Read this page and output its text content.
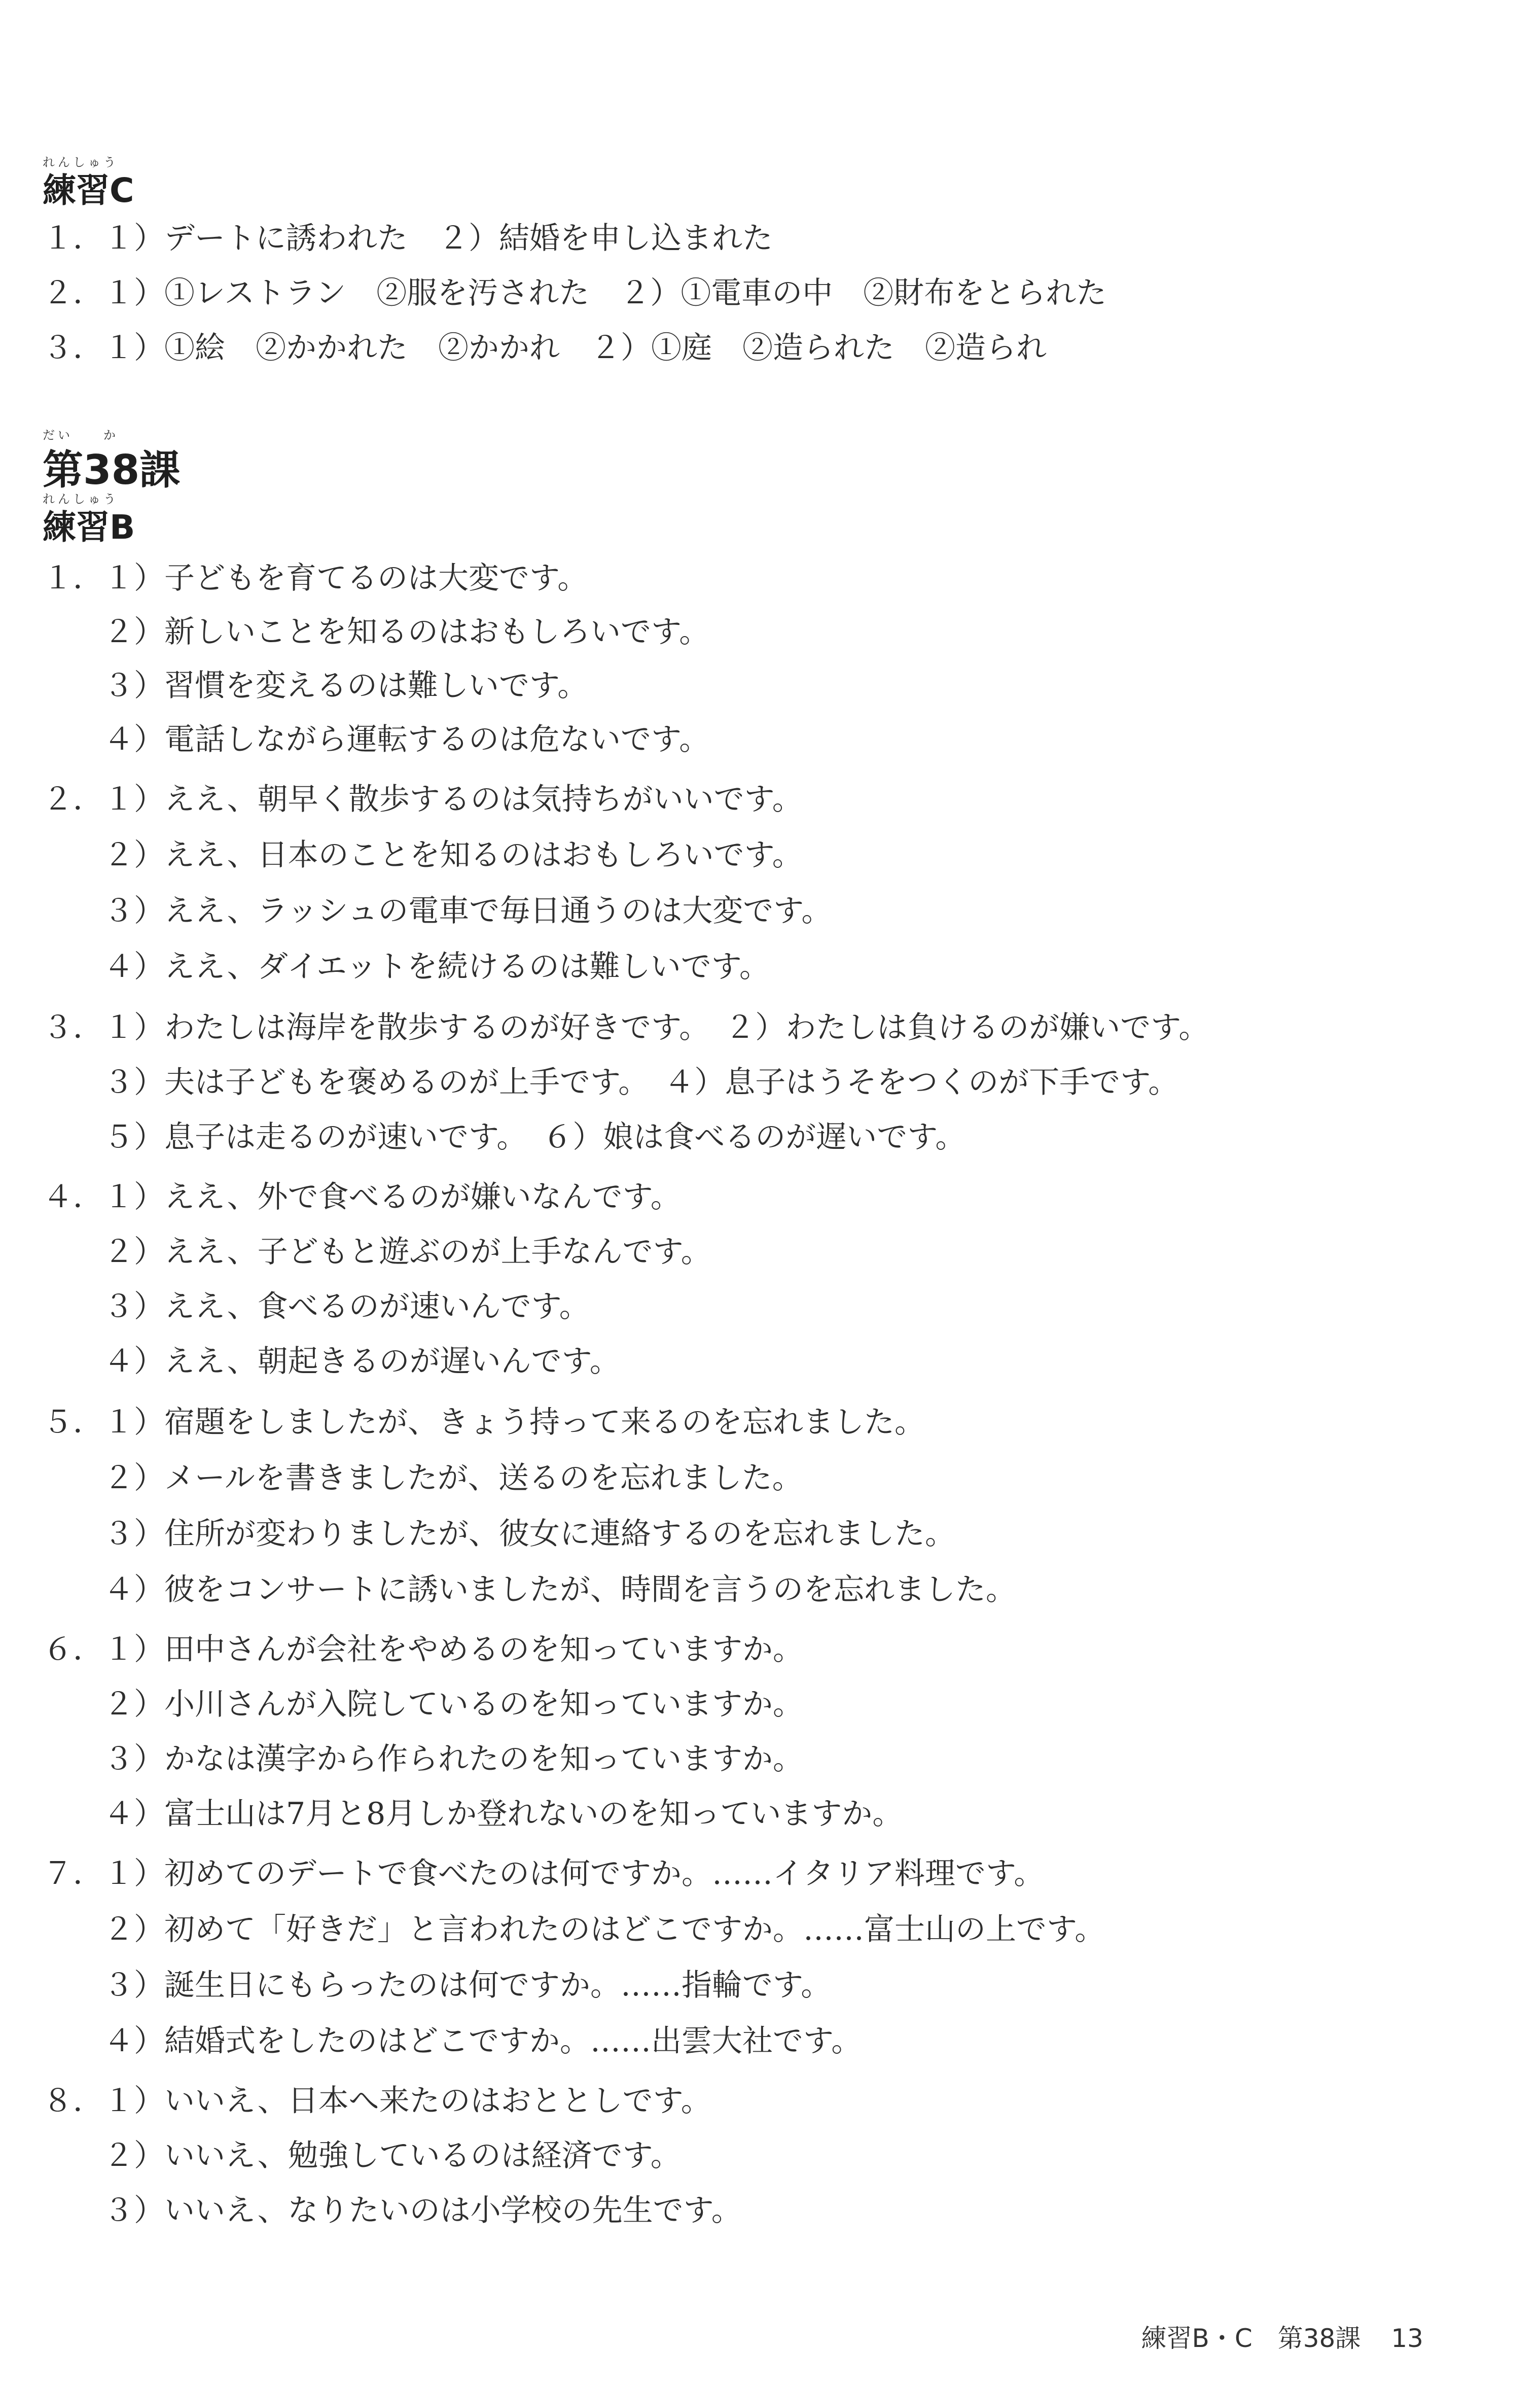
れんしゅう
練習C
１．１）デートに誘われた　２）結婚を申し込まれた
２．１）①レストラン　②服を汚された　２）①電車の中　②財布をとられた
３．１）①絵　②かかれた　②かかれ　２）①庭　②造られた　②造られ
だい　　か
第38課
れんしゅう
練習B
１．１）子どもを育てるのは大変です。
　　２）新しいことを知るのはおもしろいです。
　　３）習慣を変えるのは難しいです。
　　４）電話しながら運転するのは危ないです。
２．１）ええ、朝早く散歩するのは気持ちがいいです。
　　２）ええ、日本のことを知るのはおもしろいです。
　　３）ええ、ラッシュの電車で毎日通うのは大変です。
　　４）ええ、ダイエットを続けるのは難しいです。
３．１）わたしは海岸を散歩するのが好きです。　２）わたしは負けるのが嫌いです。
　　３）夫は子どもを褒めるのが上手です。　４）息子はうそをつくのが下手です。
　　５）息子は走るのが速いです。　６）娘は食べるのが遅いです。
４．１）ええ、外で食べるのが嫌いなんです。
　　２）ええ、子どもと遊ぶのが上手なんです。
　　３）ええ、食べるのが速いんです。
　　４）ええ、朝起きるのが遅いんです。
５．１）宿題をしましたが、きょう持って来るのを忘れました。
　　２）メールを書きましたが、送るのを忘れました。
　　３）住所が変わりましたが、彼女に連絡するのを忘れました。
　　４）彼をコンサートに誘いましたが、時間を言うのを忘れました。
６．１）田中さんが会社をやめるのを知っていますか。
　　２）小川さんが入院しているのを知っていますか。
　　３）かなは漢字から作られたのを知っていますか。
　　４）富士山は7月と8月しか登れないのを知っていますか。
７．１）初めてのデートで食べたのは何ですか。……イタリア料理です。
　　２）初めて「好きだ」と言われたのはどこですか。……富士山の上です。
　　３）誕生日にもらったのは何ですか。……指輪です。
　　４）結婚式をしたのはどこですか。……出雲大社です。
８．１）いいえ、日本へ来たのはおととしです。
　　２）いいえ、勉強しているのは経済です。
　　３）いいえ、なりたいのは小学校の先生です。
練習B・C　第38課 13
